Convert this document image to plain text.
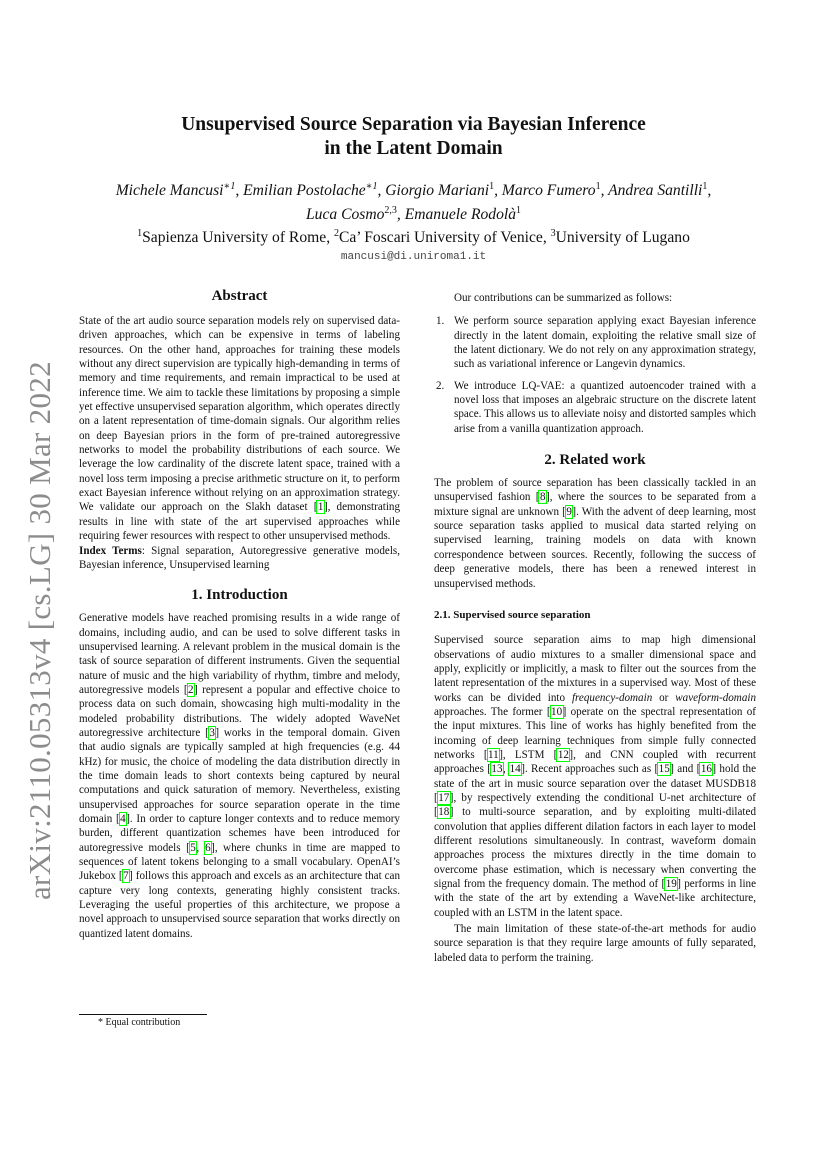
arXiv:2110.05313v4 [cs.LG] 30 Mar 2022
Unsupervised Source Separation via Bayesian Inference
in the Latent Domain
Michele Mancusi$^{∗1}$, Emilian Postolache$^{∗1}$, Giorgio Mariani$^1$, Marco Fumero$^1$, Andrea Santilli$^1$,
Luca Cosmo$^{2,3}$, Emanuele Rodolà$^1$
$^1$Sapienza University of Rome, $^2$Ca’ Foscari University of Venice, $^3$University of Lugano
mancusi@di.uniroma1.it
Abstract

State of the art audio source separation models rely on supervised data-driven approaches, which can be expensive in terms of labeling resources. On the other hand, approaches for training these models without any direct supervision are typically high-demanding in terms of memory and time requirements, and remain impractical to be used at inference time. We aim to tackle these limitations by proposing a simple yet effective unsupervised separation algorithm, which operates directly on a latent representation of time-domain signals. Our algorithm relies on deep Bayesian priors in the form of pre-trained autoregressive networks to model the probability distributions of each source. We leverage the low cardinality of the discrete latent space, trained with a novel loss term imposing a precise arithmetic structure on it, to perform exact Bayesian inference without relying on an approximation strategy. We validate our approach on the Slakh dataset [1], demonstrating results in line with state of the art supervised approaches while requiring fewer resources with respect to other unsupervised methods.

Index Terms: Signal separation, Autoregressive generative models, Bayesian inference, Unsupervised learning

1. Introduction

Generative models have reached promising results in a wide range of domains, including audio, and can be used to solve different tasks in unsupervised learning. A relevant problem in the musical domain is the task of source separation of different instruments. Given the sequential nature of music and the high variability of rhythm, timbre and melody, autoregressive models [2] represent a popular and effective choice to process data on such domain, showcasing high multi-modality in the modeled probability distributions. The widely adopted WaveNet autoregressive architecture [3] works in the temporal domain. Given that audio signals are typically sampled at high frequencies (e.g. 44 kHz) for music, the choice of modeling the data distribution directly in the time domain leads to short contexts being captured by neural computations and quick saturation of memory. Nevertheless, existing unsupervised approaches for source separation operate in the time domain [4]. In order to capture longer contexts and to reduce memory burden, different quantization schemes have been introduced for autoregressive models [5, 6], where chunks in time are mapped to sequences of latent tokens belonging to a small vocabulary. OpenAI’s Jukebox [7] follows this approach and excels as an architecture that can capture very long contexts, generating highly consistent tracks. Leveraging the useful properties of this architecture, we propose a novel approach to unsupervised source separation that works directly on quantized latent domains.

* Equal contribution

Our contributions can be summarized as follows:

1. We perform source separation applying exact Bayesian inference directly in the latent domain, exploiting the relative small size of the latent dictionary. We do not rely on any approximation strategy, such as variational inference or Langevin dynamics.
2. We introduce LQ-VAE: a quantized autoencoder trained with a novel loss that imposes an algebraic structure on the discrete latent space. This allows us to alleviate noisy and distorted samples which arise from a vanilla quantization approach.
2. Related work

The problem of source separation has been classically tackled in an unsupervised fashion [8], where the sources to be separated from a mixture signal are unknown [9]. With the advent of deep learning, most source separation tasks applied to musical data started relying on supervised learning, training models on data with known correspondence between sources. Recently, following the success of deep generative models, there has been a renewed interest in unsupervised methods.

2.1. Supervised source separation

Supervised source separation aims to map high dimensional observations of audio mixtures to a smaller dimensional space and apply, explicitly or implicitly, a mask to filter out the sources from the latent representation of the mixtures in a supervised way. Most of these works can be divided into frequency-domain or waveform-domain approaches. The former [10] operate on the spectral representation of the input mixtures. This line of works has highly benefited from the incoming of deep learning techniques from simple fully connected networks [11], LSTM [12], and CNN coupled with recurrent approaches [13, 14]. Recent approaches such as [15] and [16] hold the state of the art in music source separation over the dataset MUSDB18 [17], by respectively extending the conditional U-net architecture of [18] to multi-source separation, and by exploiting multi-dilated convolution that applies different dilation factors in each layer to model different resolutions simultaneously. In contrast, waveform domain approaches process the mixtures directly in the time domain to overcome phase estimation, which is necessary when converting the signal from the frequency domain. The method of [19] performs in line with the state of the art by extending a WaveNet-like architecture, coupled with an LSTM in the latent space.

The main limitation of these state-of-the-art methods for audio source separation is that they require large amounts of fully separated, labeled data to perform the training.
